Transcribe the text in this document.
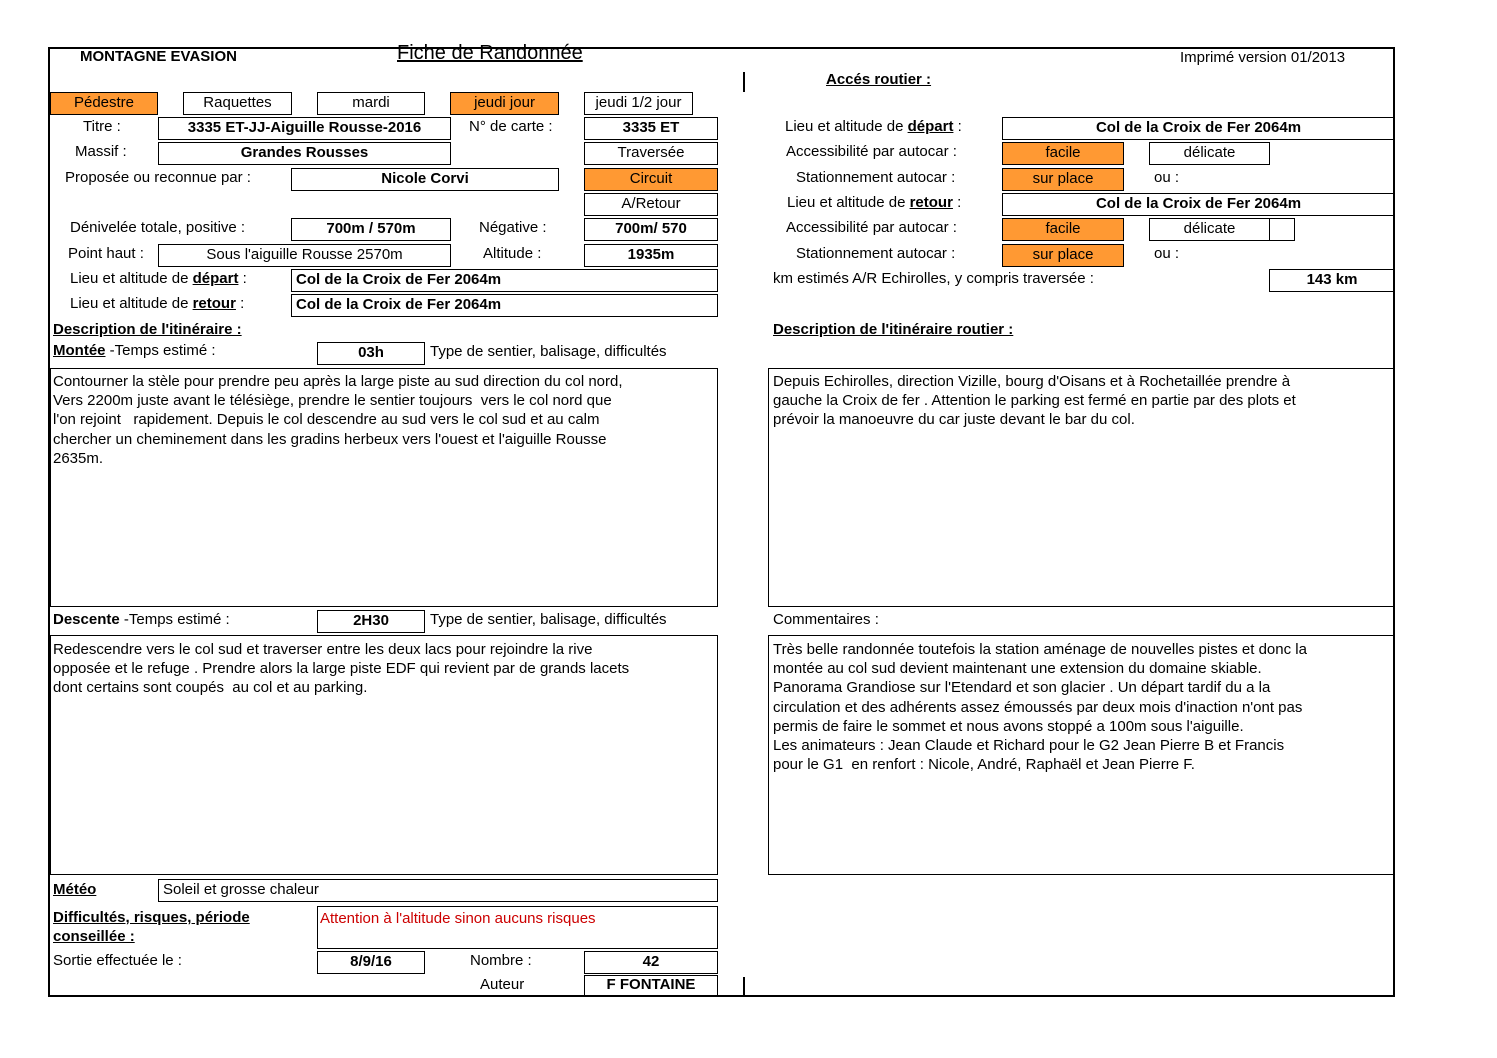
MONTAGNE EVASION	Fiche de Randonnée	Imprimé version 01/2013
Accés routier :
Pédestre	Raquettes	mardi	jeudi jour	jeudi 1/2 jour
Titre :	3335 ET-JJ-Aiguille Rousse-2016	N° de carte :	3335 ET
Massif :	Grandes Rousses	Traversée
Proposée ou reconnue par :	Nicole Corvi	Circuit
A/Retour
Dénivelée totale, positive :	700m / 570m	Négative :	700m/ 570
Point haut :	Sous l'aiguille Rousse 2570m	Altitude :	1935m
Lieu et altitude de départ :	Col de la Croix de Fer 2064m
Lieu et altitude de retour :	Col de la Croix de Fer 2064m
Description de l'itinéraire :
Montée -Temps estimé :	03h	Type de sentier, balisage, difficultés
Contourner la stèle pour prendre peu après la large piste au sud direction du col nord,
Vers 2200m juste avant le télésiège, prendre le sentier toujours  vers le col nord que
l'on rejoint   rapidement. Depuis le col descendre au sud vers le col sud et au calm
chercher un cheminement dans les gradins herbeux vers l'ouest et l'aiguille Rousse
2635m.
Descente -Temps estimé :	2H30	Type de sentier, balisage, difficultés
Redescendre vers le col sud et traverser entre les deux lacs pour rejoindre la rive
opposée et le refuge . Prendre alors la large piste EDF qui revient par de grands lacets
dont certains sont coupés  au col et au parking.
Météo	Soleil et grosse chaleur
Difficultés, risques, période
conseillée :
Attention à l'altitude sinon aucuns risques
Sortie effectuée le :	8/9/16	Nombre :	42
Auteur	F FONTAINE
Lieu et altitude de départ :	Col de la Croix de Fer 2064m
Accessibilité par autocar :	facile	délicate
Stationnement autocar :	sur place	ou :
Lieu et altitude de retour :	Col de la Croix de Fer 2064m
Accessibilité par autocar :	facile	délicate
Stationnement autocar :	sur place	ou :
km estimés A/R Echirolles, y compris traversée :	143 km
Description de l'itinéraire routier :
Depuis Echirolles, direction Vizille, bourg d'Oisans et à Rochetaillée prendre à
gauche la Croix de fer . Attention le parking est fermé en partie par des plots et
prévoir la manoeuvre du car juste devant le bar du col.
Commentaires :
Très belle randonnée toutefois la station aménage de nouvelles pistes et donc la
montée au col sud devient maintenant une extension du domaine skiable.
Panorama Grandiose sur l'Etendard et son glacier . Un départ tardif du a la
circulation et des adhérents assez émoussés par deux mois d'inaction n'ont pas
permis de faire le sommet et nous avons stoppé a 100m sous l'aiguille.
Les animateurs : Jean Claude et Richard pour le G2 Jean Pierre B et Francis
pour le G1  en renfort : Nicole, André, Raphaël et Jean Pierre F.
